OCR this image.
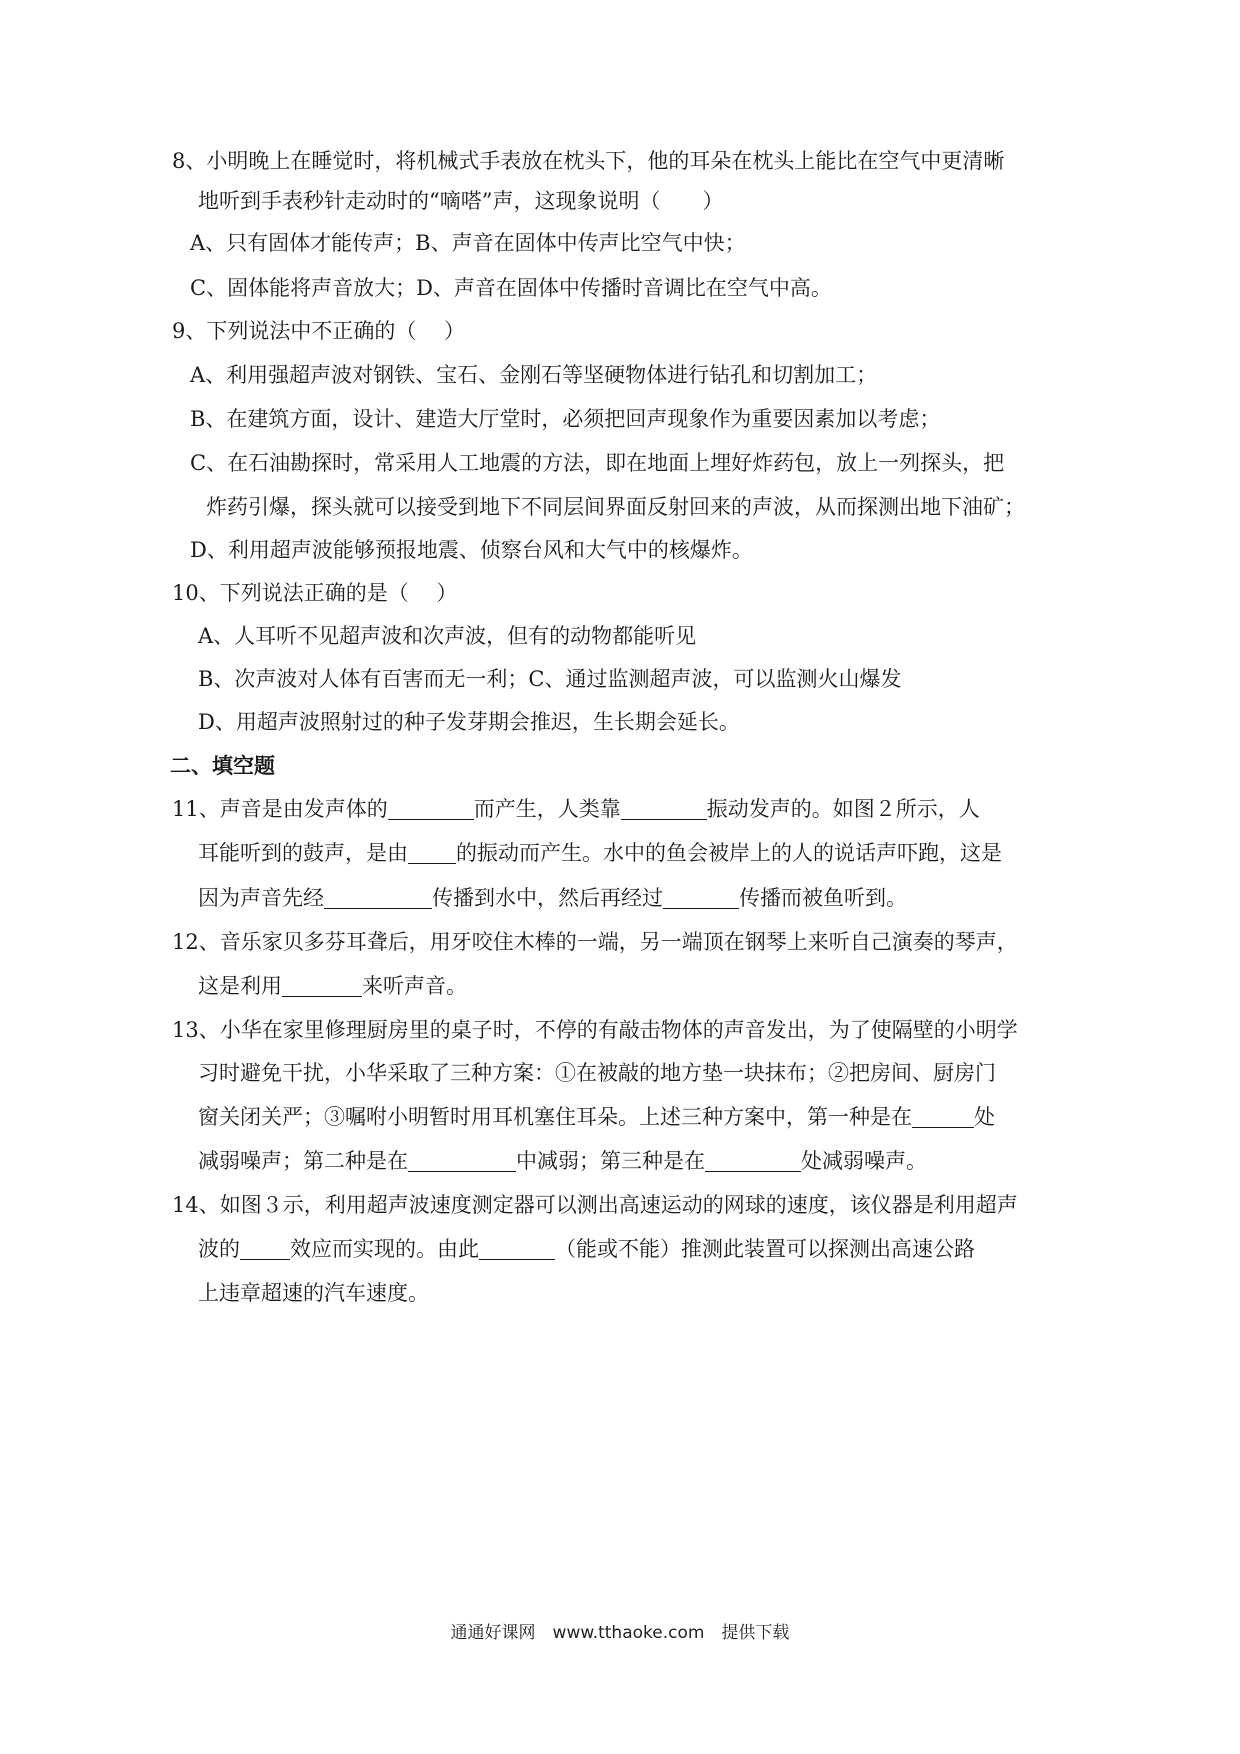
8、小明晚上在睡觉时，将机械式手表放在枕头下，他的耳朵在枕头上能比在空气中更清晰
地听到手表秒针走动时的“嘀嗒”声，这现象说明（　　）
A、只有固体才能传声；B、声音在固体中传声比空气中快；
C、固体能将声音放大；D、声音在固体中传播时音调比在空气中高。
9、下列说法中不正确的（　 ）
A、利用强超声波对钢铁、宝石、金刚石等坚硬物体进行钻孔和切割加工；
B、在建筑方面，设计、建造大厅堂时，必须把回声现象作为重要因素加以考虑；
C、在石油勘探时，常采用人工地震的方法，即在地面上埋好炸药包，放上一列探头，把
炸药引爆，探头就可以接受到地下不同层间界面反射回来的声波，从而探测出地下油矿；
D、利用超声波能够预报地震、侦察台风和大气中的核爆炸。
10、下列说法正确的是（　 ）
A、人耳听不见超声波和次声波，但有的动物都能听见
B、次声波对人体有百害而无一利；C、通过监测超声波，可以监测火山爆发
D、用超声波照射过的种子发芽期会推迟，生长期会延长。
二、填空题
11、声音是由发声体的	而产生，人类靠	振动发声的。如图２所示，人
耳能听到的鼓声，是由 的振动而产生。水中的鱼会被岸上的人的说话声吓跑，这是
因为声音先经	传播到水中，然后再经过	传播而被鱼听到。
12、音乐家贝多芬耳聋后，用牙咬住木棒的一端，另一端顶在钢琴上来听自己演奏的琴声，
这是利用	来听声音。
13、小华在家里修理厨房里的桌子时，不停的有敲击物体的声音发出，为了使隔壁的小明学
习时避免干扰，小华采取了三种方案：①在被敲的地方垫一块抹布；②把房间、厨房门
窗关闭关严；③嘱咐小明暂时用耳机塞住耳朵。上述三种方案中，第一种是在	处
减弱噪声；第二种是在	中减弱；第三种是在	处减弱噪声。
14、如图３示，利用超声波速度测定器可以测出高速运动的网球的速度，该仪器是利用超声
波的 效应而实现的。由此	（能或不能）推测此装置可以探测出高速公路
上违章超速的汽车速度。
通通好课网　www.tthaoke.com　提供下载
